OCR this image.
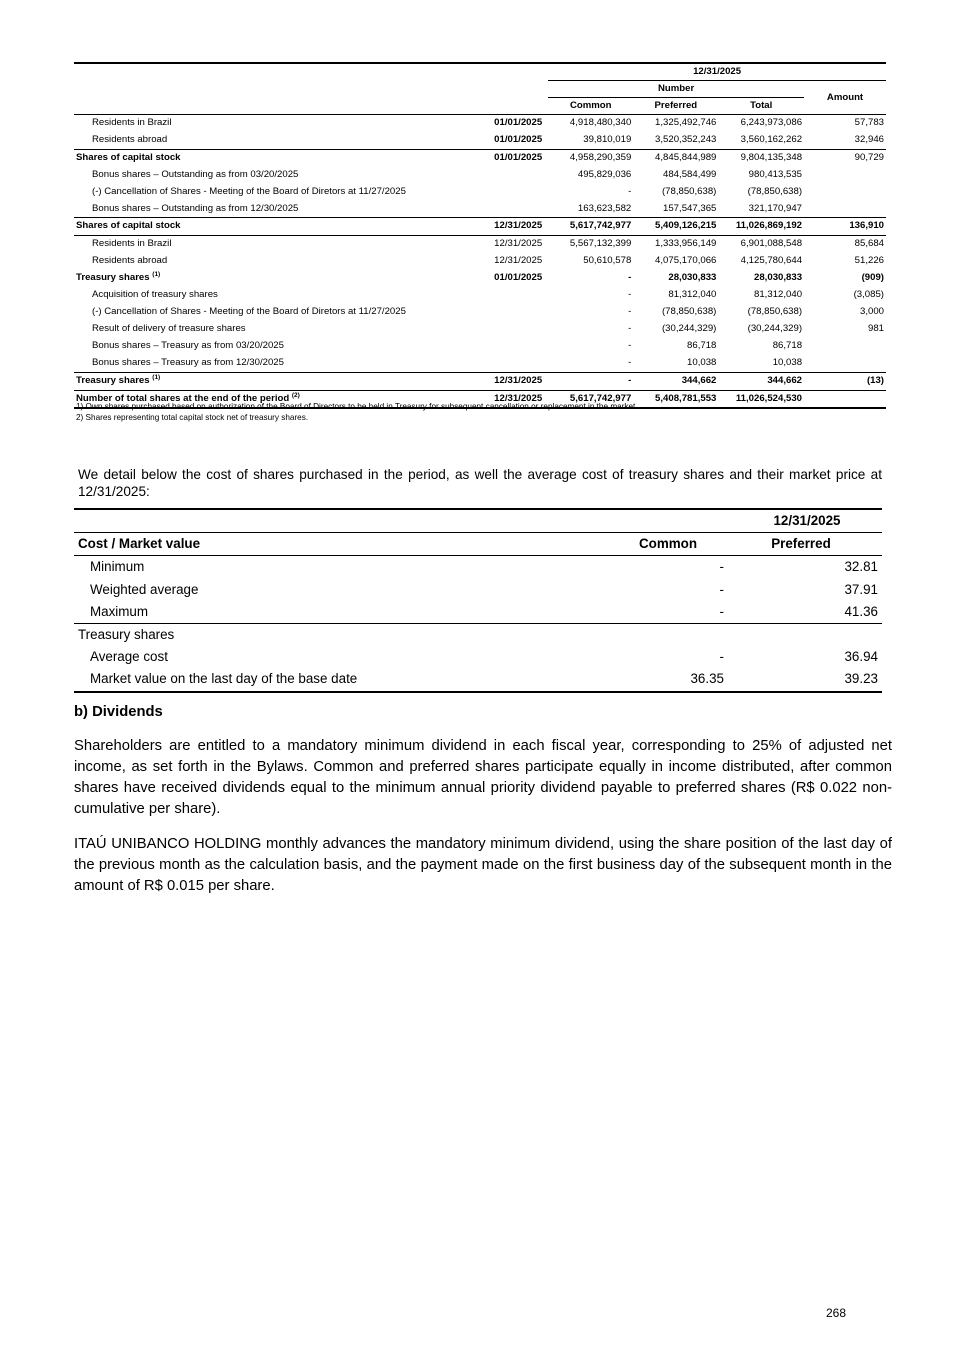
		12/31/2025			
		Number			Amount
		Common	Preferred	Total	
Residents in Brazil	01/01/2025	4,918,480,340	1,325,492,746	6,243,973,086	57,783
Residents abroad	01/01/2025	39,810,019	3,520,352,243	3,560,162,262	32,946
Shares of capital stock	01/01/2025	4,958,290,359	4,845,844,989	9,804,135,348	90,729
Bonus shares – Outstanding as from 03/20/2025		495,829,036	484,584,499	980,413,535	
(-) Cancellation of Shares - Meeting of the Board of Diretors at 11/27/2025		-	(78,850,638)	(78,850,638)	
Bonus shares – Outstanding as from 12/30/2025		163,623,582	157,547,365	321,170,947	
Shares of capital stock	12/31/2025	5,617,742,977	5,409,126,215	11,026,869,192	136,910
Residents in Brazil	12/31/2025	5,567,132,399	1,333,956,149	6,901,088,548	85,684
Residents abroad	12/31/2025	50,610,578	4,075,170,066	4,125,780,644	51,226
Treasury shares $^{(1)}$	01/01/2025	-	28,030,833	28,030,833	(909)
Acquisition of treasury shares		-	81,312,040	81,312,040	(3,085)
(-) Cancellation of Shares - Meeting of the Board of Diretors at 11/27/2025		-	(78,850,638)	(78,850,638)	3,000
Result of delivery of treasure shares		-	(30,244,329)	(30,244,329)	981
Bonus shares – Treasury as from 03/20/2025		-	86,718	86,718	
Bonus shares – Treasury as from 12/30/2025		-	10,038	10,038	
Treasury shares $^{(1)}$	12/31/2025	-	344,662	344,662	(13)
Number of total shares at the end of the period $^{(2)}$	12/31/2025	5,617,742,977	5,408,781,553	11,026,524,530	
1) Own shares purchased based on authorization of the Board of Directors to be held in Treasury for subsequent cancellation or replacement in the market.
2) Shares representing total capital stock net of treasury shares.
We detail below the cost of shares purchased in the period, as well the average cost of treasury shares and their market price at 12/31/2025:
	12/31/2025	
Cost / Market value	Common	Preferred
Minimum	-	32.81
Weighted average	-	37.91
Maximum	-	41.36
Treasury shares		
Average cost	-	36.94
Market value on the last day of the base date	36.35	39.23
b) Dividends
Shareholders are entitled to a mandatory minimum dividend in each fiscal year, corresponding to 25% of adjusted net income, as set forth in the Bylaws. Common and preferred shares participate equally in income distributed, after common shares have received dividends equal to the minimum annual priority dividend payable to preferred shares (R$ 0.022 non-cumulative per share).
ITAÚ UNIBANCO HOLDING monthly advances the mandatory minimum dividend, using the share position of the last day of the previous month as the calculation basis, and the payment made on the first business day of the subsequent month in the amount of R$ 0.015 per share.
268
